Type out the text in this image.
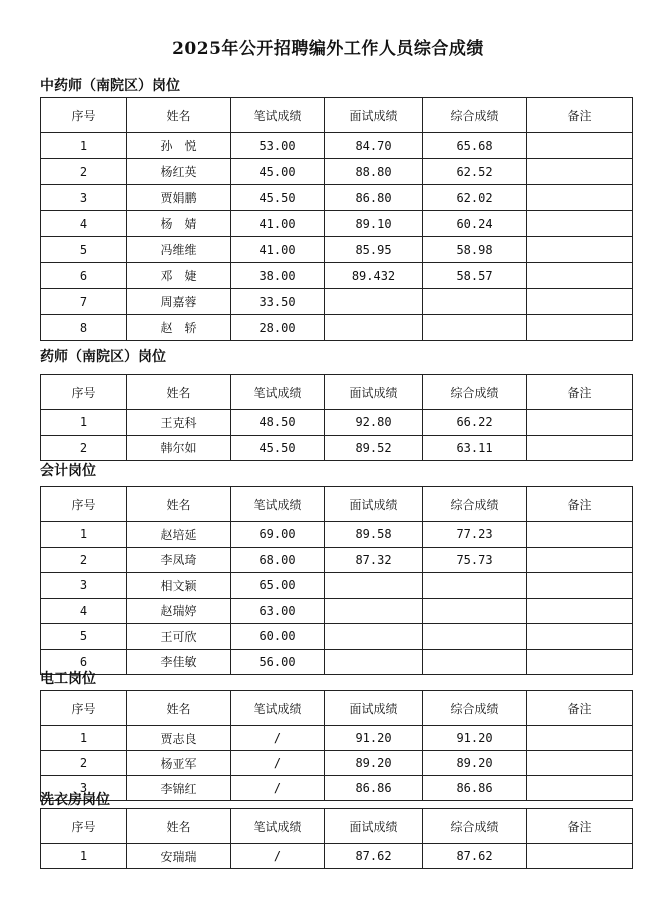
2025年公开招聘编外工作人员综合成绩
中药师（南院区）岗位
序号	姓名	笔试成绩	面试成绩	综合成绩	备注
1	孙　悦	53.00	84.70	65.68	
2	杨红英	45.00	88.80	62.52	
3	贾娟鹏	45.50	86.80	62.02	
4	杨　婧	41.00	89.10	60.24	
5	冯维维	41.00	85.95	58.98	
6	邓　婕	38.00	89.432	58.57	
7	周嘉蓉	33.50			
8	赵　轿	28.00			
药师（南院区）岗位
序号	姓名	笔试成绩	面试成绩	综合成绩	备注
1	王克科	48.50	92.80	66.22	
2	韩尔如	45.50	89.52	63.11	
会计岗位
序号	姓名	笔试成绩	面试成绩	综合成绩	备注
1	赵培延	69.00	89.58	77.23	
2	李凤琦	68.00	87.32	75.73	
3	相文颖	65.00			
4	赵瑞婷	63.00			
5	王可欣	60.00			
6	李佳敏	56.00			
电工岗位
序号	姓名	笔试成绩	面试成绩	综合成绩	备注
1	贾志良	/	91.20	91.20	
2	杨亚军	/	89.20	89.20	
3	李锦红	/	86.86	86.86	
洗衣房岗位
序号	姓名	笔试成绩	面试成绩	综合成绩	备注
1	安瑞瑞	/	87.62	87.62	
